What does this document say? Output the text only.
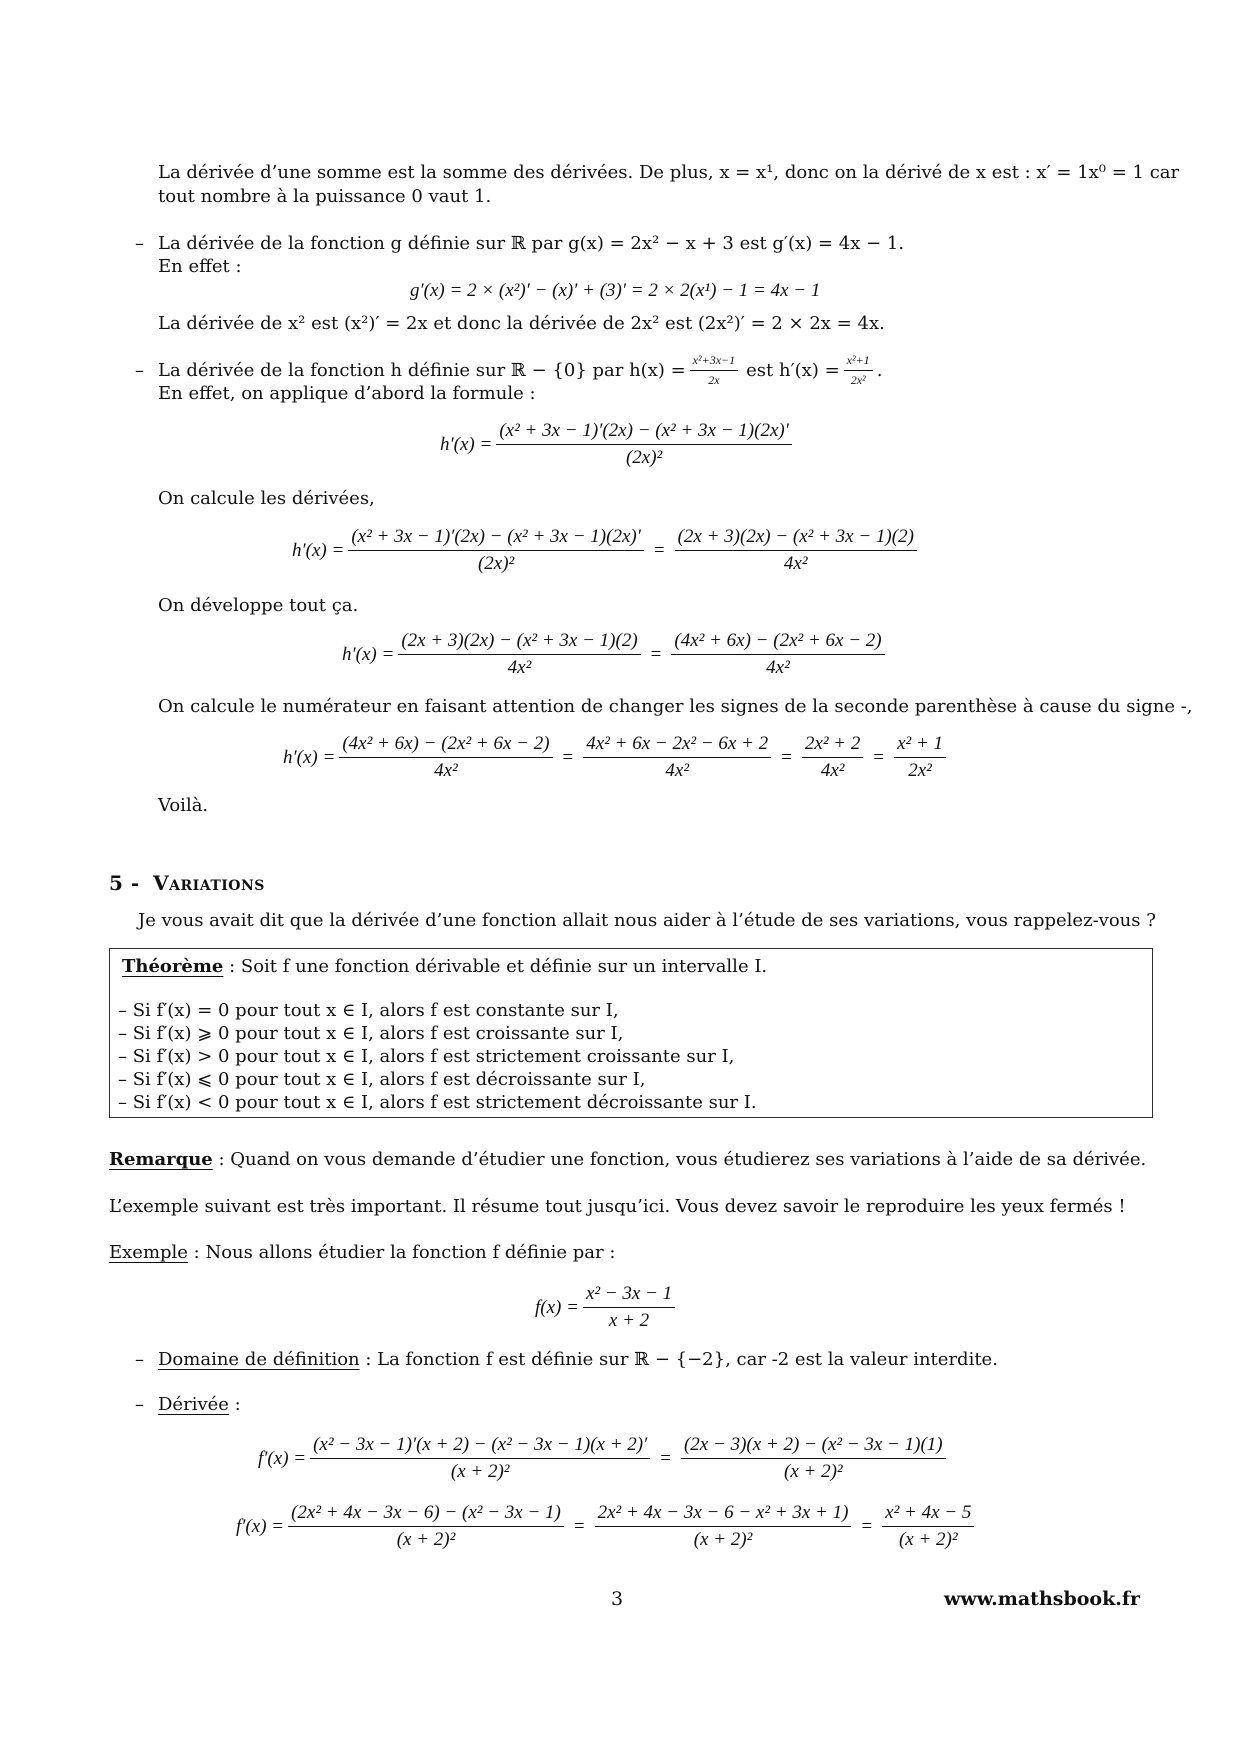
La dérivée d’une somme est la somme des dérivées. De plus, x = x¹, donc on la dérivé de x est : x′ = 1x⁰ = 1 car
tout nombre à la puissance 0 vaut 1.
– La dérivée de la fonction g définie sur ℝ par g(x) = 2x² − x + 3 est g′(x) = 4x − 1.
En effet :
g′(x) = 2 × (x²)′ − (x)′ + (3)′ = 2 × 2(x¹) − 1 = 4x − 1
La dérivée de x² est (x²)′ = 2x et donc la dérivée de 2x² est (2x²)′ = 2 × 2x = 4x.
– La dérivée de la fonction h définie sur ℝ − {0} par $h(x) = \frac{\text{x²+3x−1}}{2x}$ est $h'(x) = \frac{\text{x²+1}}{\text{2x²}}$ .
En effet, on applique d’abord la formule :
$h'(x) = \frac{\text{(x² + 3x − 1)′(2x) − (x² + 3x − 1)(2x)′}}{\text{(2x)²}}$
On calcule les dérivées,
$h'(x) = \frac{\text{(x² + 3x − 1)′(2x) − (x² + 3x − 1)(2x)′}}{\text{(2x)²}} = \frac{\text{(2x + 3)(2x) − (x² + 3x − 1)(2)}}{\text{4x²}}$
On développe tout ça.
$h'(x) = \frac{\text{(2x + 3)(2x) − (x² + 3x − 1)(2)}}{\text{4x²}} = \frac{\text{(4x² + 6x) − (2x² + 6x − 2)}}{\text{4x²}}$
On calcule le numérateur en faisant attention de changer les signes de la seconde parenthèse à cause du signe -,
$h'(x) = \frac{\text{(4x² + 6x) − (2x² + 6x − 2)}}{\text{4x²}} = \frac{\text{4x² + 6x − 2x² − 6x + 2}}{\text{4x²}} = \frac{\text{2x² + 2}}{\text{4x²}} = \frac{\text{x² + 1}}{\text{2x²}}$
Voilà.
5 - Variations
Je vous avait dit que la dérivée d’une fonction allait nous aider à l’étude de ses variations, vous rappelez-vous ?
Théorème : Soit f une fonction dérivable et définie sur un intervalle I.
– Si f′(x) = 0 pour tout x ∈ I, alors f est constante sur I,
– Si f′(x) ⩾ 0 pour tout x ∈ I, alors f est croissante sur I,
– Si f′(x) > 0 pour tout x ∈ I, alors f est strictement croissante sur I,
– Si f′(x) ⩽ 0 pour tout x ∈ I, alors f est décroissante sur I,
– Si f′(x) < 0 pour tout x ∈ I, alors f est strictement décroissante sur I.
Remarque : Quand on vous demande d’étudier une fonction, vous étudierez ses variations à l’aide de sa dérivée.
L’exemple suivant est très important. Il résume tout jusqu’ici. Vous devez savoir le reproduire les yeux fermés !
Exemple : Nous allons étudier la fonction f définie par :
$f(x) = \frac{\text{x² − 3x − 1}}{x + 2}$
– Domaine de définition : La fonction f est définie sur ℝ − {−2}, car -2 est la valeur interdite.
– Dérivée :
$f'(x) = \frac{\text{(x² − 3x − 1)′(x + 2) − (x² − 3x − 1)(x + 2)′}}{\text{(x + 2)²}} = \frac{\text{(2x − 3)(x + 2) − (x² − 3x − 1)(1)}}{\text{(x + 2)²}}$
$f'(x) = \frac{\text{(2x² + 4x − 3x − 6) − (x² − 3x − 1)}}{\text{(x + 2)²}} = \frac{\text{2x² + 4x − 3x − 6 − x² + 3x + 1)}}{\text{(x + 2)²}} = \frac{\text{x² + 4x − 5}}{\text{(x + 2)²}}$
3	www.mathsbook.fr
